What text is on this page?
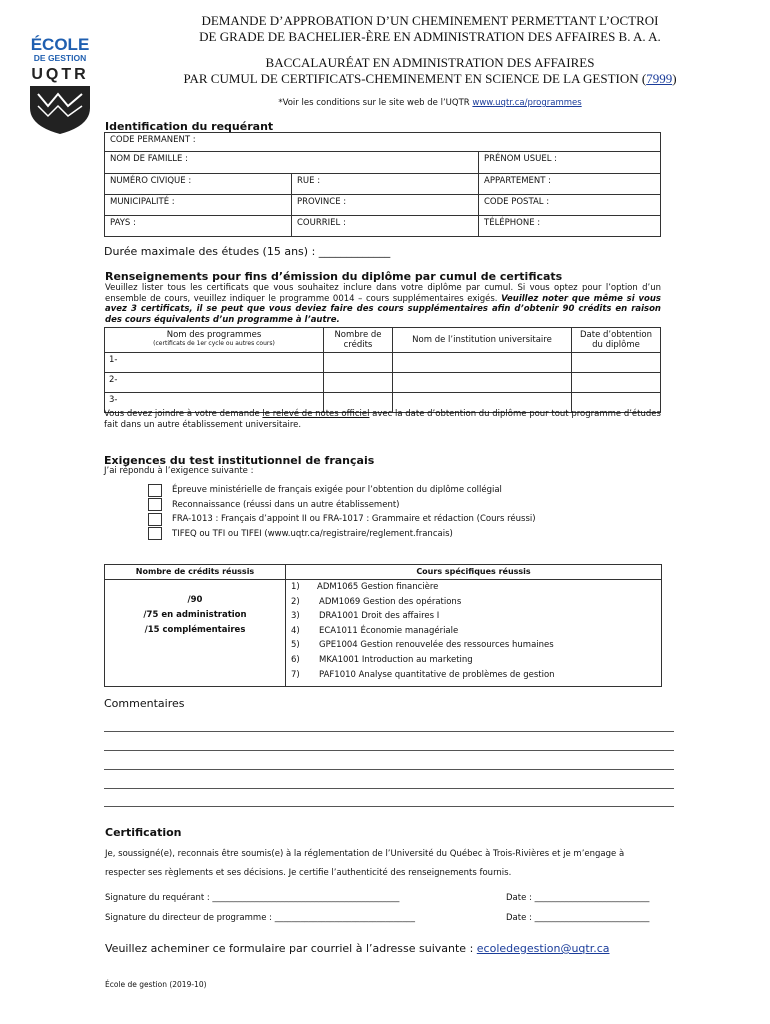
ÉCOLE
DE GESTION
UQTR
DEMANDE D’APPROBATION D’UN CHEMINEMENT PERMETTANT L’OCTROI
DE GRADE DE BACHELIER-ÈRE EN ADMINISTRATION DES AFFAIRES B. A. A.
BACCALAURÉAT EN ADMINISTRATION DES AFFAIRES
PAR CUMUL DE CERTIFICATS-CHEMINEMENT EN SCIENCE DE LA GESTION (7999)
*Voir les conditions sur le site web de l’UQTR www.uqtr.ca/programmes
Identification du requérant
CODE PERMANENT :		
NOM DE FAMILLE :		PRÉNOM USUEL :
NUMÉRO CIVIQUE :	RUE :	APPARTEMENT :
MUNICIPALITÉ :	PROVINCE :	CODE POSTAL :
PAYS :	COURRIEL :	TÉLÉPHONE :
Durée maximale des études (15 ans) : _____________
Renseignements pour fins d’émission du diplôme par cumul de certificats
Veuillez lister tous les certificats que vous souhaitez inclure dans votre diplôme par cumul. Si vous optez pour l’option d’un ensemble de cours, veuillez indiquer le programme 0014 – cours supplémentaires exigés. Veuillez noter que même si vous avez 3 certificats, il se peut que vous deviez faire des cours supplémentaires afin d’obtenir 90 crédits en raison des cours équivalents d’un programme à l’autre.
Nom des programmes
(certificats de 1er cycle ou autres cours)	Nombre de crédits	Nom de l’institution universitaire	Date d’obtention du diplôme
1-			
2-			
3-			
Vous devez joindre à votre demande le relevé de notes officiel avec la date d’obtention du diplôme pour tout programme d’études fait dans un autre établissement universitaire.
Exigences du test institutionnel de français
J’ai répondu à l’exigence suivante :
Épreuve ministérielle de français exigée pour l’obtention du diplôme collégial
Reconnaissance (réussi dans un autre établissement)
FRA-1013 : Français d’appoint II ou FRA-1017 : Grammaire et rédaction (Cours réussi)
TIFEQ ou TFI ou TIFEI (www.uqtr.ca/registraire/reglement.francais)
Nombre de crédits réussis	Cours spécifiques réussis
/90
/75 en administration
/15 complémentaires
1) ADM1065 Gestion financière
2) ADM1069 Gestion des opérations
3) DRA1001 Droit des affaires I
4) ECA1011 Économie managériale
5) GPE1004 Gestion renouvelée des ressources humaines
6) MKA1001 Introduction au marketing
7) PAF1010 Analyse quantitative de problèmes de gestion
Commentaires
Certification
Je, soussigné(e), reconnais être soumis(e) à la réglementation de l’Université du Québec à Trois-Rivières et je m’engage à respecter ses règlements et ses décisions. Je certifie l’authenticité des renseignements fournis.
Signature du requérant : ____________________________________________	Date : ___________________________
Signature du directeur de programme : _________________________________	Date : ___________________________
Veuillez acheminer ce formulaire par courriel à l’adresse suivante : ecoledegestion@uqtr.ca
École de gestion (2019-10)
